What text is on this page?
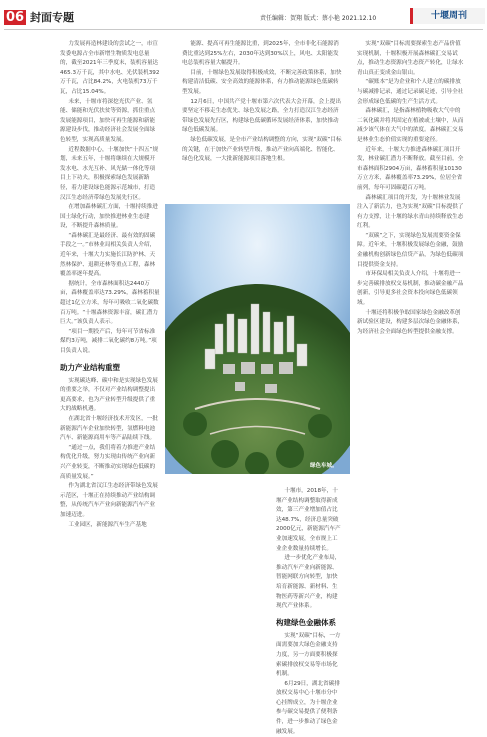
06 封面专题	责任编辑：贺翔 版式：蔡小艳 2021.12.10	十堰周刊

力发展再造林建设的尝试之一，市宣发委电源占全市新增生物质发电总量的，截至2021年三季度末，装机容量达465.3万千瓦，其中水电、光伏装机392万千瓦，占比84.2%，火电装机73万千瓦，占比15.04%。

未来，十堰市将深挖光伏产业、氢能、储能和光伏扶贫等资源，抓住重点发展能源项目，加快可再生能源和新能源建设步伐，推动经济社会发展全面绿色转型，实现高质量发展。

近程数据中心，十堰加快“十四五”规划，未来五年，十堰将继续在大规模开发水电、水光互补、风光储一体化等项目上下功夫，积极探索绿色发展新路径，着力建设绿色能源示范城市，打造汉江生态经济带绿色发展先行区。

在增加森林碳汇方面，十堰持续推进国土绿化行动，加快推进林业生态建设，不断提升森林质量。

“森林碳汇是最经济、最有效的固碳手段之一。”市林业局相关负责人介绍，近年来，十堰大力实施长江防护林、天然林保护、退耕还林等重点工程，森林覆盖率逐年提高。

据统计，全市森林面积达2440万亩，森林覆盖率达73.29%，森林蓄积量超过1亿立方米，每年可吸收二氧化碳数百万吨。“十堰森林资源丰富，碳汇潜力巨大。”该负责人表示。

“项目一期投产后，每年可节省标准煤约3万吨，减排二氧化碳约8万吨。”项目负责人说。

助力产业结构重塑

实现碳达峰、碳中和是实现绿色发展的重要之举，不仅对产业结构调整提出更高要求，也为产业转型升级提供了重大的战略机遇。

在湖北省十堰经济技术开发区，一批新能源汽车企业加快转型，氢燃料电池汽车、新能源商用车等产品陆续下线。

“通过一点，我们将着力推进产业结构优化升级，努力实现由传统产业向新兴产业转变，不断推动实现绿色低碳的高质量发展。”

作为湖北省汉江生态经济带绿色发展示范区，十堰正在持续推动产业结构调整，从传统汽车产业向新能源汽车产业加速迈进。

工业园区，新能源汽车生产基地

能源、提高可再生能源比重，到2025年，全市非化石能源消费比重达到25%左右，2030年达到30%以上，风电、太阳能发电总装机容量大幅提升。

目前，十堰绿色发展取得积极成效，不断完善政策体系，加快构建清洁低碳、安全高效的能源体系，有力推动能源绿色低碳转型发展。

12月6日，中国共产党十堰市第六次代表大会开幕，会上提出要坚定不移走生态优先、绿色发展之路，全力打造汉江生态经济带绿色发展先行区，构建绿色低碳循环发展经济体系，加快推动绿色低碳发展。

绿色低碳发展，是全市产业结构调整的方向，实现“双碳”目标的关键，在于加快产业转型升级，推动产业向高端化、智能化、绿色化发展，一大批新能源项目落地生根。

绿色车城。

十堰市，2018年，十堰产业结构调整取得新成效，第三产业增加值占比达48.7%，经济总量突破2000亿元，新能源汽车产业加速发展，全市规上工业企业数量持续增长。

进一步优化产业布局，推动汽车产业向新能源、智能网联方向转型，加快培育新能源、新材料、生物医药等新兴产业，构建现代产业体系。

构建绿色金融体系

实现“双碳”目标，一方面需要加大绿色金融支持力度，另一方面要积极探索碳排放权交易等市场化机制。

6月29日，湖北省碳排放权交易中心十堰市分中心挂牌成立，为十堰企业参与碳交易提供了便利条件，进一步推动了绿色金融发展。

实现“双碳”目标需要探索生态产品价值实现机制，十堰积极开展森林碳汇交易试点，推动生态资源向生态资产转化，让绿水青山真正变成金山银山。

“碳账本”是为企业和个人建立的碳排放与碳减排记录，通过记录碳足迹，引导全社会形成绿色低碳的生产生活方式。

森林碳汇，是指森林植物吸收大气中的二氧化碳并将其固定在植被或土壤中，从而减少该气体在大气中的浓度。森林碳汇交易是林业生态价值实现的重要途径。

近年来，十堰大力推进森林碳汇项目开发，林业碳汇潜力不断释放。截至目前，全市森林面积2904万亩，森林蓄积量10130万立方米，森林覆盖率73.29%，位居全省前列，每年可固碳超百万吨。

森林碳汇项目的开发，为十堰林业发展注入了新活力，也为实现“双碳”目标提供了有力支撑，让十堰的绿水青山持续释放生态红利。

“双碳”之下，实现绿色发展需要资金保障。近年来，十堰积极发展绿色金融，鼓励金融机构创新绿色信贷产品，为绿色低碳项目提供资金支持。

市环保局相关负责人介绍，十堰将进一步完善碳排放权交易机制，推动碳金融产品创新，引导更多社会资本投向绿色低碳领域。

十堰还将积极争取国家绿色金融改革创新试验区建设，构建多层次绿色金融体系，为经济社会全面绿色转型提供金融支撑。
